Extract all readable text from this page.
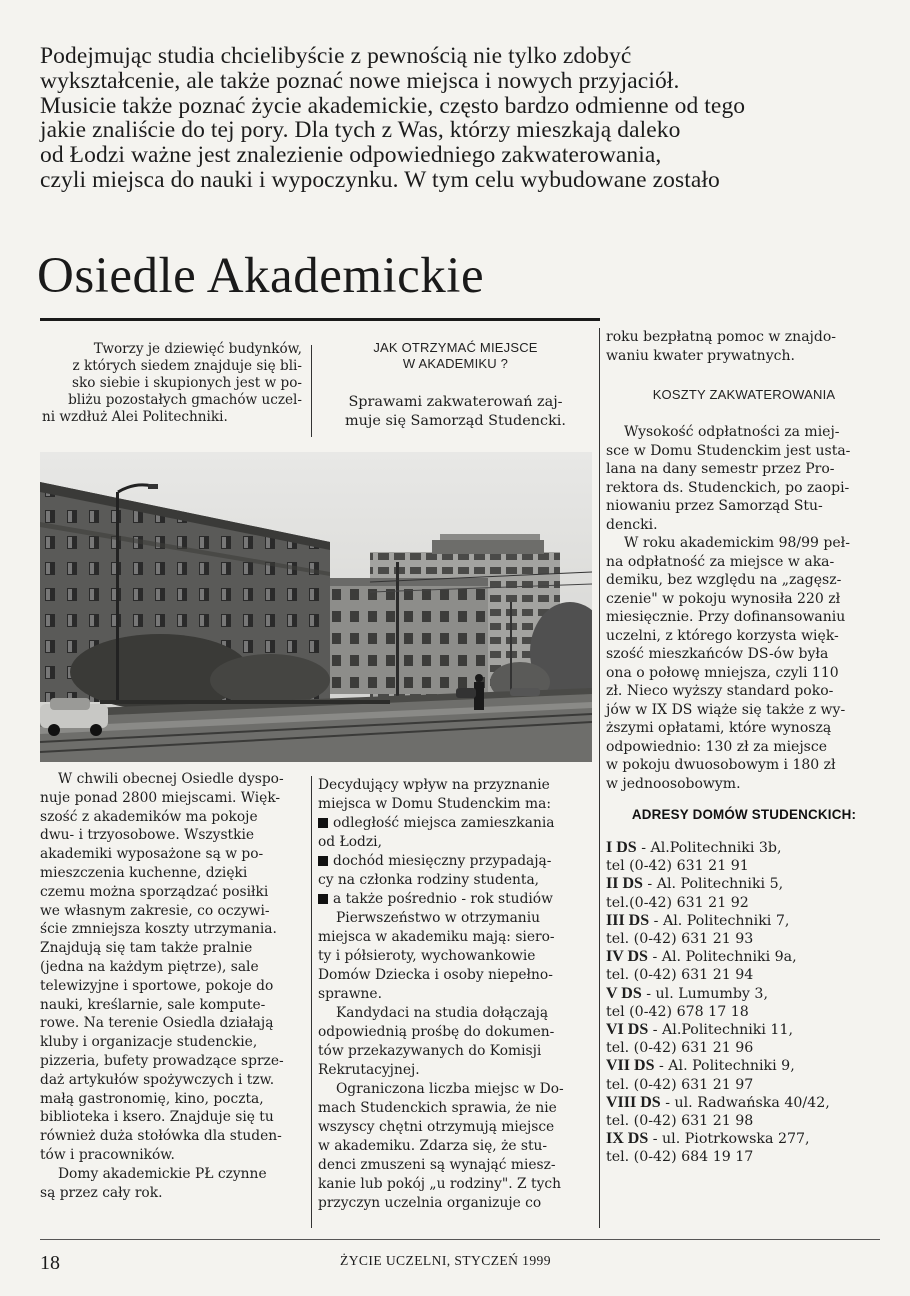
Podejmując studia chcielibyście z pewnością nie tylko zdobyć

wykształcenie, ale także poznać nowe miejsca i nowych przyjaciół.

Musicie także poznać życie akademickie, często bardzo odmienne od tego

jakie znaliście do tej pory. Dla tych z Was, którzy mieszkają daleko

od Łodzi ważne jest znalezienie odpowiedniego zakwaterowania,

czyli miejsca do nauki i wypoczynku. W tym celu wybudowane zostało

Osiedle Akademickie
Tworzy je dziewięć budynków,
z których siedem znajduje się bli-
sko siebie i skupionych jest w po-
bliżu pozostałych gmachów uczel-
ni wzdłuż Alei Politechniki.
JAK OTRZYMAĆ MIEJSCE
W AKADEMIKU ?
Sprawami zakwaterowań zaj-
muje się Samorząd Studencki.
W chwili obecnej Osiedle dyspo-
nuje ponad 2800 miejscami. Więk-
szość z akademików ma pokoje
dwu- i trzyosobowe. Wszystkie
akademiki wyposażone są w po-
mieszczenia kuchenne, dzięki
czemu można sporządzać posiłki
we własnym zakresie, co oczywi-
ście zmniejsza koszty utrzymania.
Znajdują się tam także pralnie
(jedna na każdym piętrze), sale
telewizyjne i sportowe, pokoje do
nauki, kreślarnie, sale kompute-
rowe. Na terenie Osiedla działają
kluby i organizacje studenckie,
pizzeria, bufety prowadzące sprze-
daż artykułów spożywczych i tzw.
małą gastronomię, kino, poczta,
biblioteka i ksero. Znajduje się tu
również duża stołówka dla studen-
tów i pracowników.
Domy akademickie PŁ czynne
są przez cały rok.
Decydujący wpływ na przyznanie
miejsca w Domu Studenckim ma:
odległość miejsca zamieszkania
od Łodzi,
dochód miesięczny przypadają-
cy na członka rodziny studenta,
a także pośrednio - rok studiów
Pierwszeństwo w otrzymaniu
miejsca w akademiku mają: siero-
ty i półsieroty, wychowankowie
Domów Dziecka i osoby niepełno-
sprawne.
Kandydaci na studia dołączają
odpowiednią prośbę do dokumen-
tów przekazywanych do Komisji
Rekrutacyjnej.
Ograniczona liczba miejsc w Do-
mach Studenckich sprawia, że nie
wszyscy chętni otrzymują miejsce
w akademiku. Zdarza się, że stu-
denci zmuszeni są wynająć miesz-
kanie lub pokój „u rodziny". Z tych
przyczyn uczelnia organizuje co
roku bezpłatną pomoc w znajdo-
waniu kwater prywatnych.
KOSZTY ZAKWATEROWANIA
Wysokość odpłatności za miej-
sce w Domu Studenckim jest usta-
lana na dany semestr przez Pro-
rektora ds. Studenckich, po zaopi-
niowaniu przez Samorząd Stu-
dencki.
W roku akademickim 98/99 peł-
na odpłatność za miejsce w aka-
demiku, bez względu na „zagęsz-
czenie" w pokoju wynosiła 220 zł
miesięcznie. Przy dofinansowaniu
uczelni, z którego korzysta więk-
szość mieszkańców DS-ów była
ona o połowę mniejsza, czyli 110
zł. Nieco wyższy standard poko-
jów w IX DS wiąże się także z wy-
ższymi opłatami, które wynoszą
odpowiednio: 130 zł za miejsce
w pokoju dwuosobowym i 180 zł
w jednoosobowym.
ADRESY DOMÓW STUDENCKICH:
I DS - Al.Politechniki 3b,
tel (0-42) 631 21 91
II DS - Al. Politechniki 5,
tel.(0-42) 631 21 92
III DS - Al. Politechniki 7,
tel. (0-42) 631 21 93
IV DS - Al. Politechniki 9a,
tel. (0-42) 631 21 94
V DS - ul. Lumumby 3,
tel (0-42) 678 17 18
VI DS - Al.Politechniki 11,
tel. (0-42) 631 21 96
VII DS - Al. Politechniki 9,
tel. (0-42) 631 21 97
VIII DS - ul. Radwańska 40/42,
tel. (0-42) 631 21 98
IX DS - ul. Piotrkowska 277,
tel. (0-42) 684 19 17
18	ŻYCIE UCZELNI, STYCZEŃ 1999
